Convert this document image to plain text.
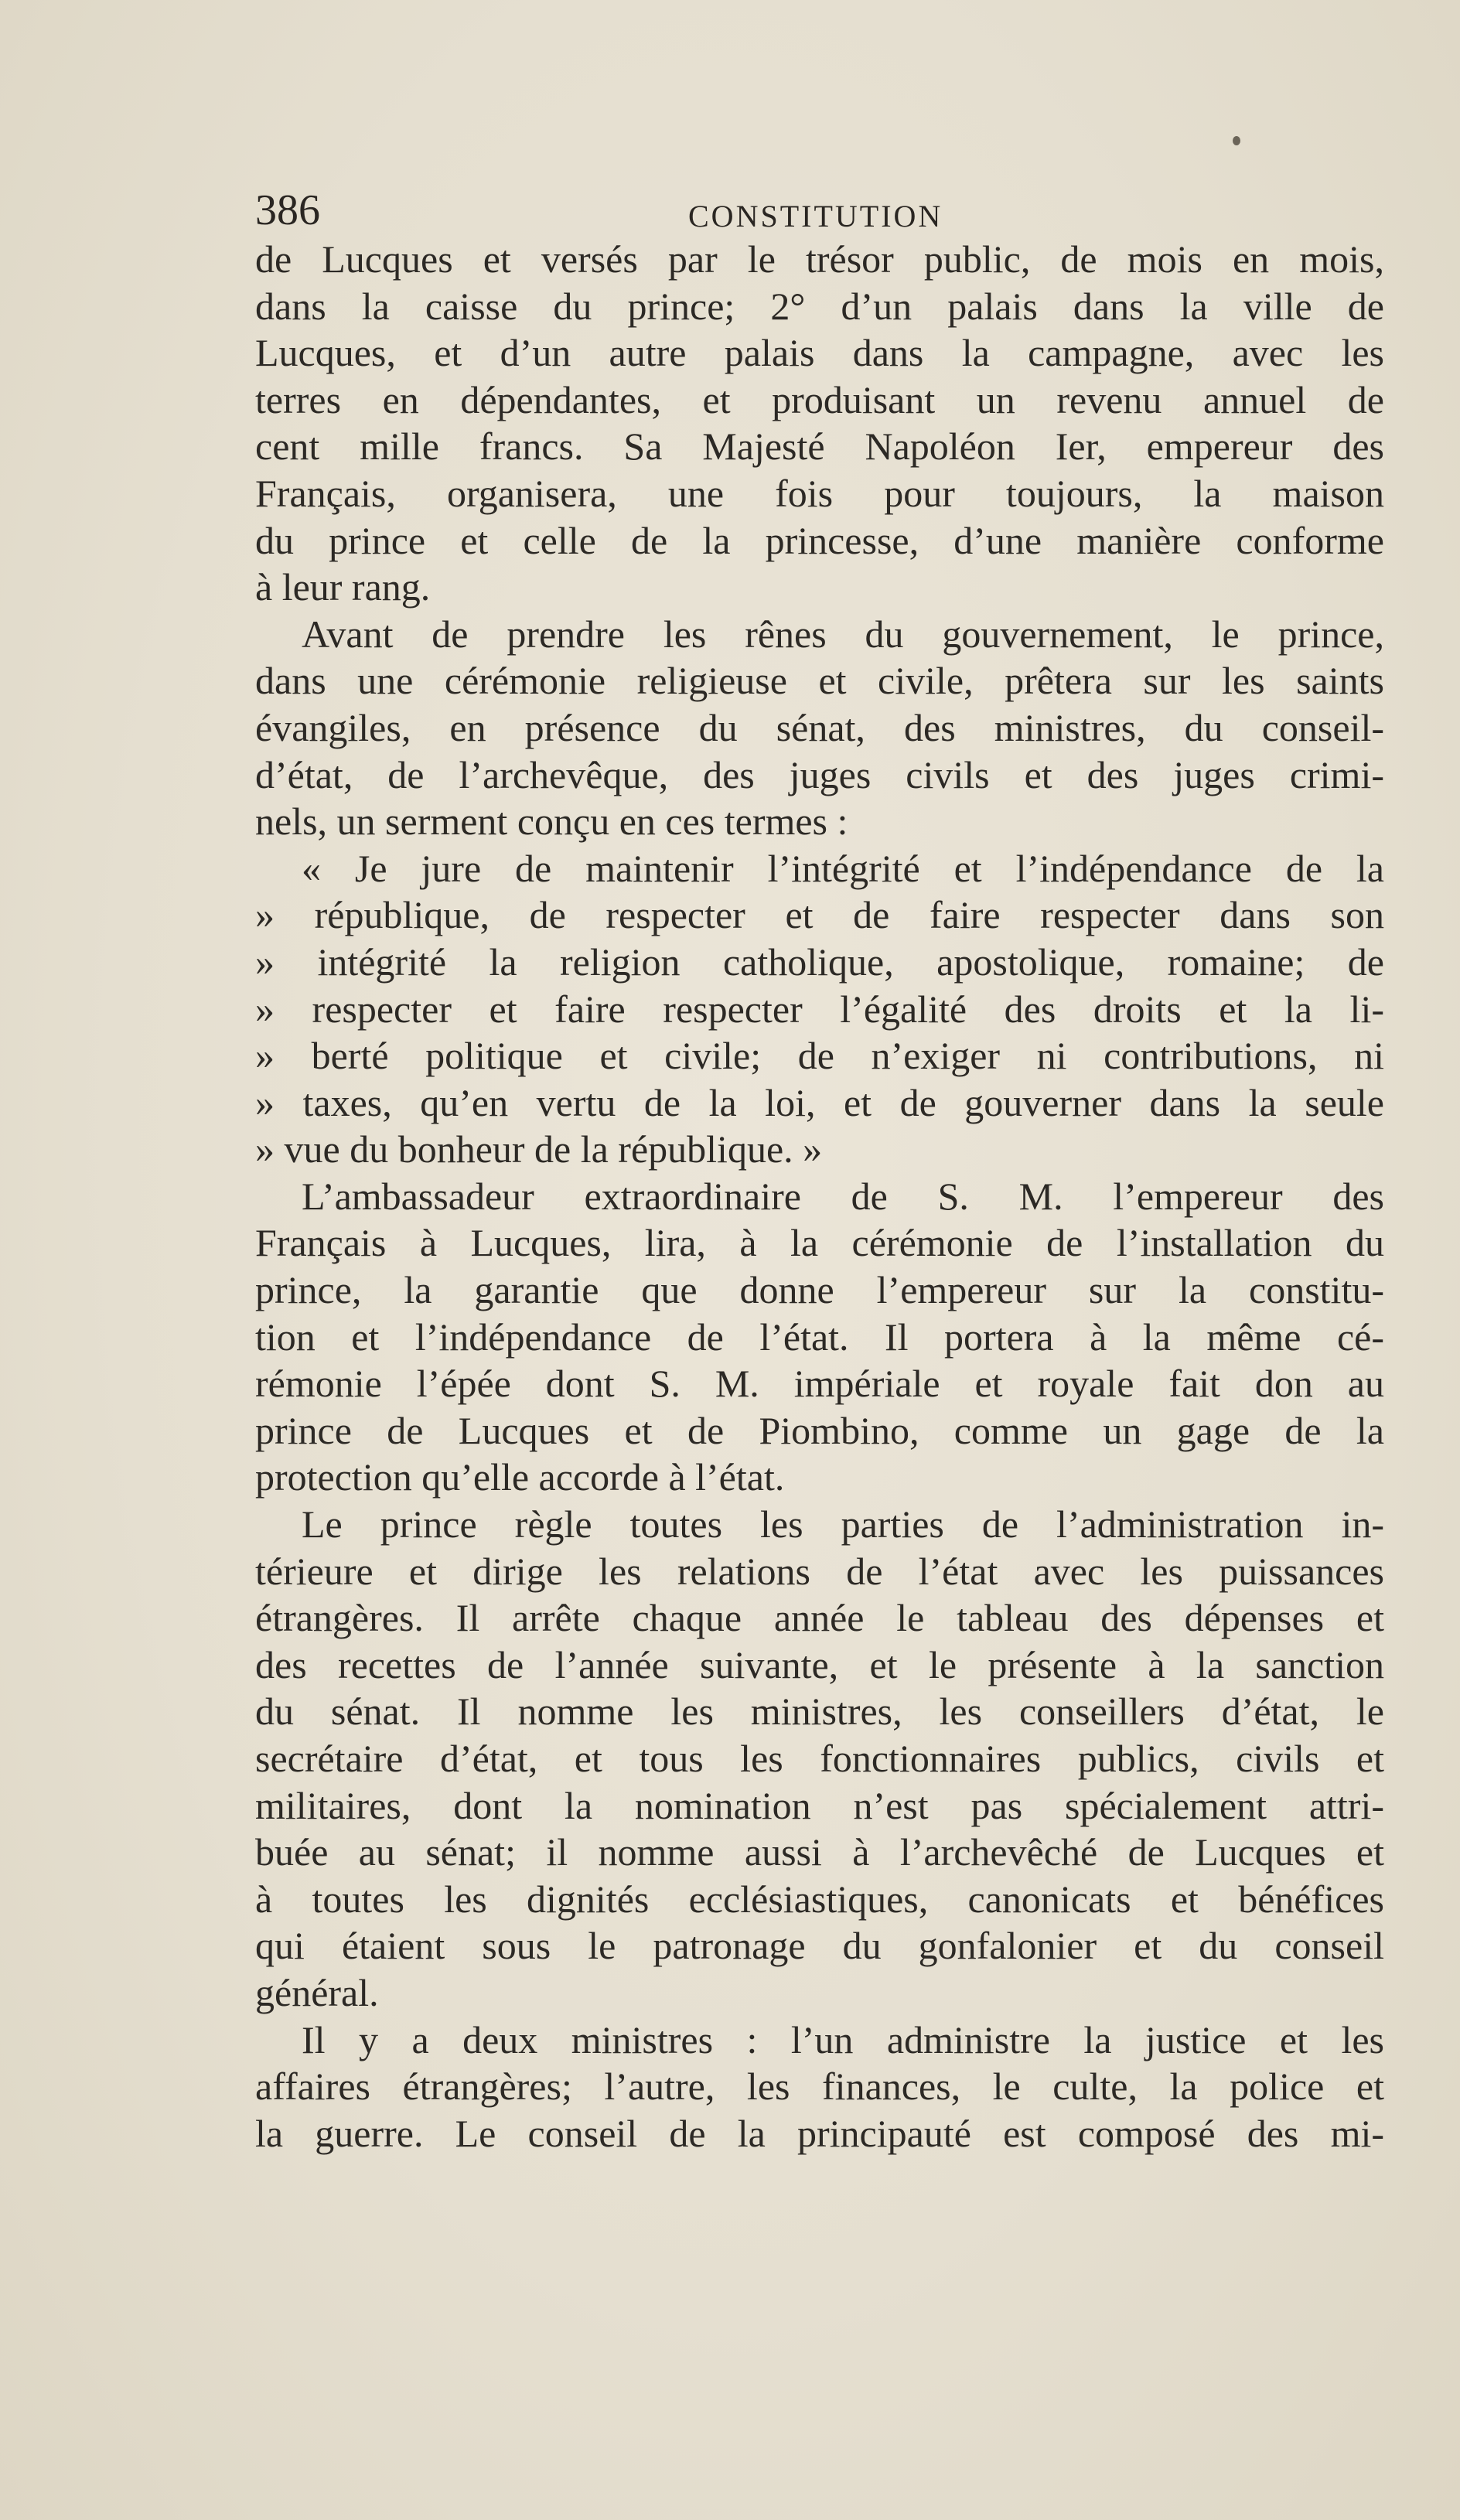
386	CONSTITUTION
de Lucques et versés par le trésor public, de mois en mois,
dans la caisse du prince; 2° d’un palais dans la ville de
Lucques, et d’un autre palais dans la campagne, avec les
terres en dépendantes, et produisant un revenu annuel de
cent mille francs. Sa Majesté Napoléon Ier, empereur des
Français, organisera, une fois pour toujours, la maison
du prince et celle de la princesse, d’une manière conforme
à leur rang.
Avant de prendre les rênes du gouvernement, le prince,
dans une cérémonie religieuse et civile, prêtera sur les saints
évangiles, en présence du sénat, des ministres, du conseil-
d’état, de l’archevêque, des juges civils et des juges crimi-
nels, un serment conçu en ces termes :
« Je jure de maintenir l’intégrité et l’indépendance de la
» république, de respecter et de faire respecter dans son
» intégrité la religion catholique, apostolique, romaine; de
» respecter et faire respecter l’égalité des droits et la li-
» berté politique et civile; de n’exiger ni contributions, ni
» taxes, qu’en vertu de la loi, et de gouverner dans la seule
» vue du bonheur de la république. »
L’ambassadeur extraordinaire de S. M. l’empereur des
Français à Lucques, lira, à la cérémonie de l’installation du
prince, la garantie que donne l’empereur sur la constitu-
tion et l’indépendance de l’état. Il portera à la même cé-
rémonie l’épée dont S. M. impériale et royale fait don au
prince de Lucques et de Piombino, comme un gage de la
protection qu’elle accorde à l’état.
Le prince règle toutes les parties de l’administration in-
térieure et dirige les relations de l’état avec les puissances
étrangères. Il arrête chaque année le tableau des dépenses et
des recettes de l’année suivante, et le présente à la sanction
du sénat. Il nomme les ministres, les conseillers d’état, le
secrétaire d’état, et tous les fonctionnaires publics, civils et
militaires, dont la nomination n’est pas spécialement attri-
buée au sénat; il nomme aussi à l’archevêché de Lucques et
à toutes les dignités ecclésiastiques, canonicats et bénéfices
qui étaient sous le patronage du gonfalonier et du conseil
général.
Il y a deux ministres : l’un administre la justice et les
affaires étrangères; l’autre, les finances, le culte, la police et
la guerre. Le conseil de la principauté est composé des mi-
